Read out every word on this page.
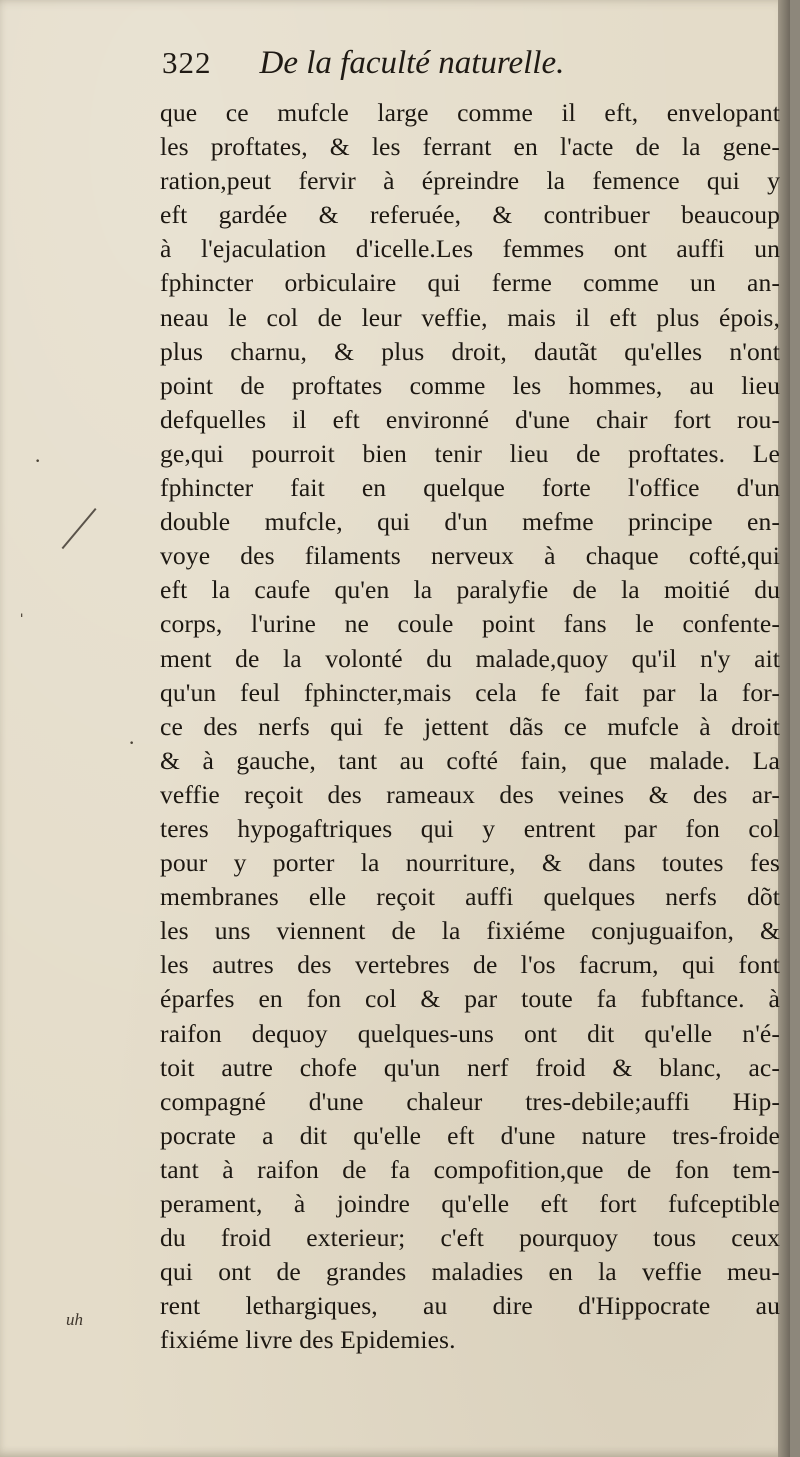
322 De la faculté naturelle.
que ce mufcle large comme il eft, envelopant
les proftates, & les ferrant en l'acte de la gene-
ration,peut fervir à épreindre la femence qui y
eft gardée & referuée, & contribuer beaucoup
à l'ejaculation d'icelle.Les femmes ont auffi un
fphincter orbiculaire qui ferme comme un an-
neau le col de leur veffie, mais il eft plus épois,
plus charnu, & plus droit, dautãt qu'elles n'ont
point de proftates comme les hommes, au lieu
defquelles il eft environné d'une chair fort rou-
ge,qui pourroit bien tenir lieu de proftates. Le
fphincter fait en quelque forte l'office d'un
double mufcle, qui d'un mefme principe en-
voye des filaments nerveux à chaque cofté,qui
eft la caufe qu'en la paralyfie de la moitié du
corps, l'urine ne coule point fans le confente-
ment de la volonté du malade,quoy qu'il n'y ait
qu'un feul fphincter,mais cela fe fait par la for-
ce des nerfs qui fe jettent dãs ce mufcle à droit
& à gauche, tant au cofté fain, que malade. La
veffie reçoit des rameaux des veines & des ar-
teres hypogaftriques qui y entrent par fon col
pour y porter la nourriture, & dans toutes fes
membranes elle reçoit auffi quelques nerfs dõt
les uns viennent de la fixiéme conjuguaifon, &
les autres des vertebres de l'os facrum, qui font
éparfes en fon col & par toute fa fubftance. à
raifon dequoy quelques-uns ont dit qu'elle n'é-
toit autre chofe qu'un nerf froid & blanc, ac-
compagné d'une chaleur tres-debile;auffi Hip-
pocrate a dit qu'elle eft d'une nature tres-froide
tant à raifon de fa compofition,que de fon tem-
perament, à joindre qu'elle eft fort fufceptible
du froid exterieur; c'eft pourquoy tous ceux
qui ont de grandes maladies en la veffie meu-
rent lethargiques, au dire d'Hippocrate au
fixiéme livre des Epidemies.
·
ˌ
·
uh
